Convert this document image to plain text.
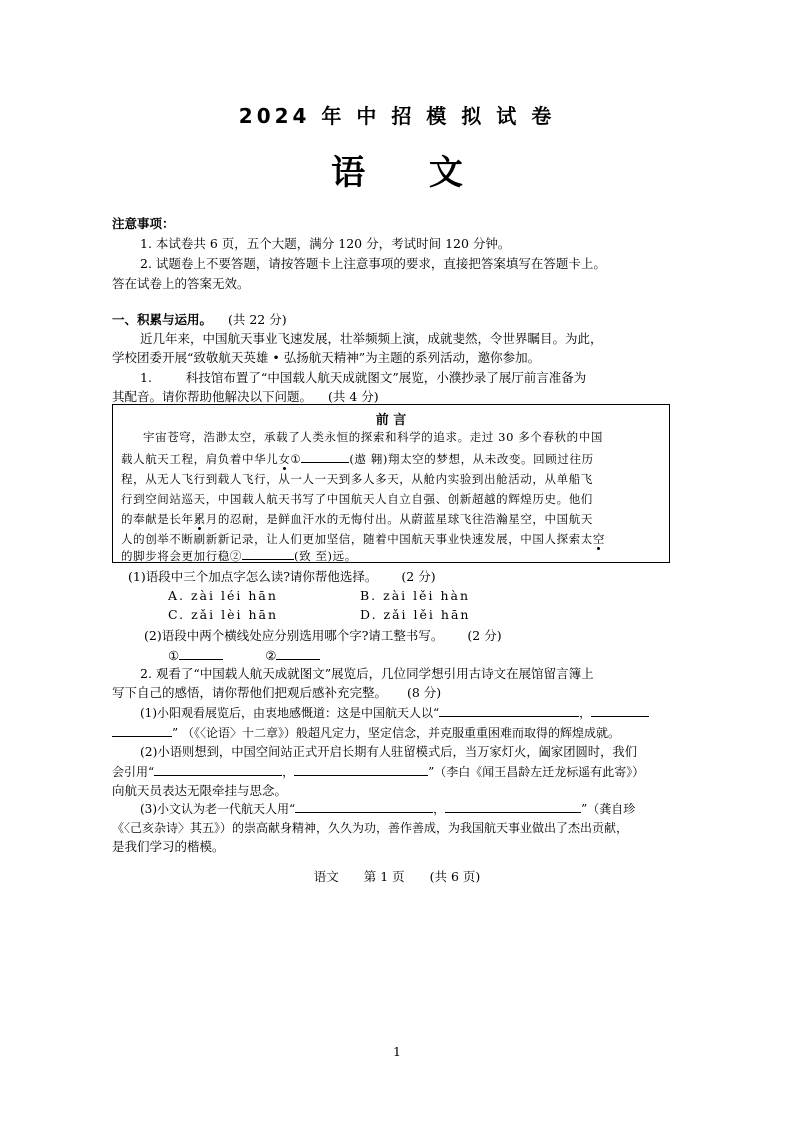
2024 年 中 招 模 拟 试 卷
语 文
注意事项：
1. 本试卷共 6 页，五个大题，满分 120 分，考试时间 120 分钟。
2. 试题卷上不要答题，请按答题卡上注意事项的要求，直接把答案填写在答题卡上。
答在试卷上的答案无效。
一、积累与运用。 (共 22 分)
近几年来，中国航天事业飞速发展，壮举频频上演，成就斐然，令世界瞩目。为此，
学校团委开展“致敬航天英雄 • 弘扬航天精神”为主题的系列活动，邀你参加。
1.	科技馆布置了“中国载人航天成就图文”展览，小濮抄录了展厅前言准备为
其配音。请你帮助他解决以下问题。 (共 4 分)
前 言
宇宙苍穹，浩渺太空，承载了人类永恒的探索和科学的追求。走过 30 多个春秋的中国
载人航天工程，肩负着中华儿女①	(遨 翱)翔太空的梦想，从未改变。回顾过往历
程，从无人飞行到载人飞行，从一人一天到多人多天，从舱内实验到出舱活动，从单船飞
行到空间站巡天，中国载人航天书写了中国航天人自立自强、创新超越的辉煌历史。他们
的奉献是长年累月的忍耐，是鲜血汗水的无悔付出。从蔚蓝星球飞往浩瀚星空，中国航天
人的创举不断刷新新记录，让人们更加坚信，随着中国航天事业快速发展，中国人探索太空
的脚步将会更加行稳②	(致 至)远。
(1)语段中三个加点字怎么读?请你帮他选择。 (2 分)
A. zài léi hān	B. zài lěi hàn
C. zǎi lèi hān	D. zǎi lěi hān
(2)语段中两个横线处应分别选用哪个字?请工整书写。 (2 分)
①	②
2. 观看了“中国载人航天成就图文”展览后，几位同学想引用古诗文在展馆留言簿上
写下自己的感悟，请你帮他们把观后感补充完整。 (8 分)
(1)小阳观看展览后，由衷地感慨道：这是中国航天人以“	，
” （《〈论语〉十二章》）般超凡定力，坚定信念，并克服重重困难而取得的辉煌成就。
(2)小语则想到，中国空间站正式开启长期有人驻留模式后，当万家灯火，阖家团圆时，我们
会引用“	，	”（李白《闻王昌龄左迁龙标遥有此寄》）
向航天员表达无限牵挂与思念。
(3)小文认为老一代航天人用“	，	”（龚自珍
《〈己亥杂诗〉其五》）的崇高献身精神，久久为功，善作善成，为我国航天事业做出了杰出贡献，
是我们学习的楷模。
语文　　第 1 页　　(共 6 页)
1
